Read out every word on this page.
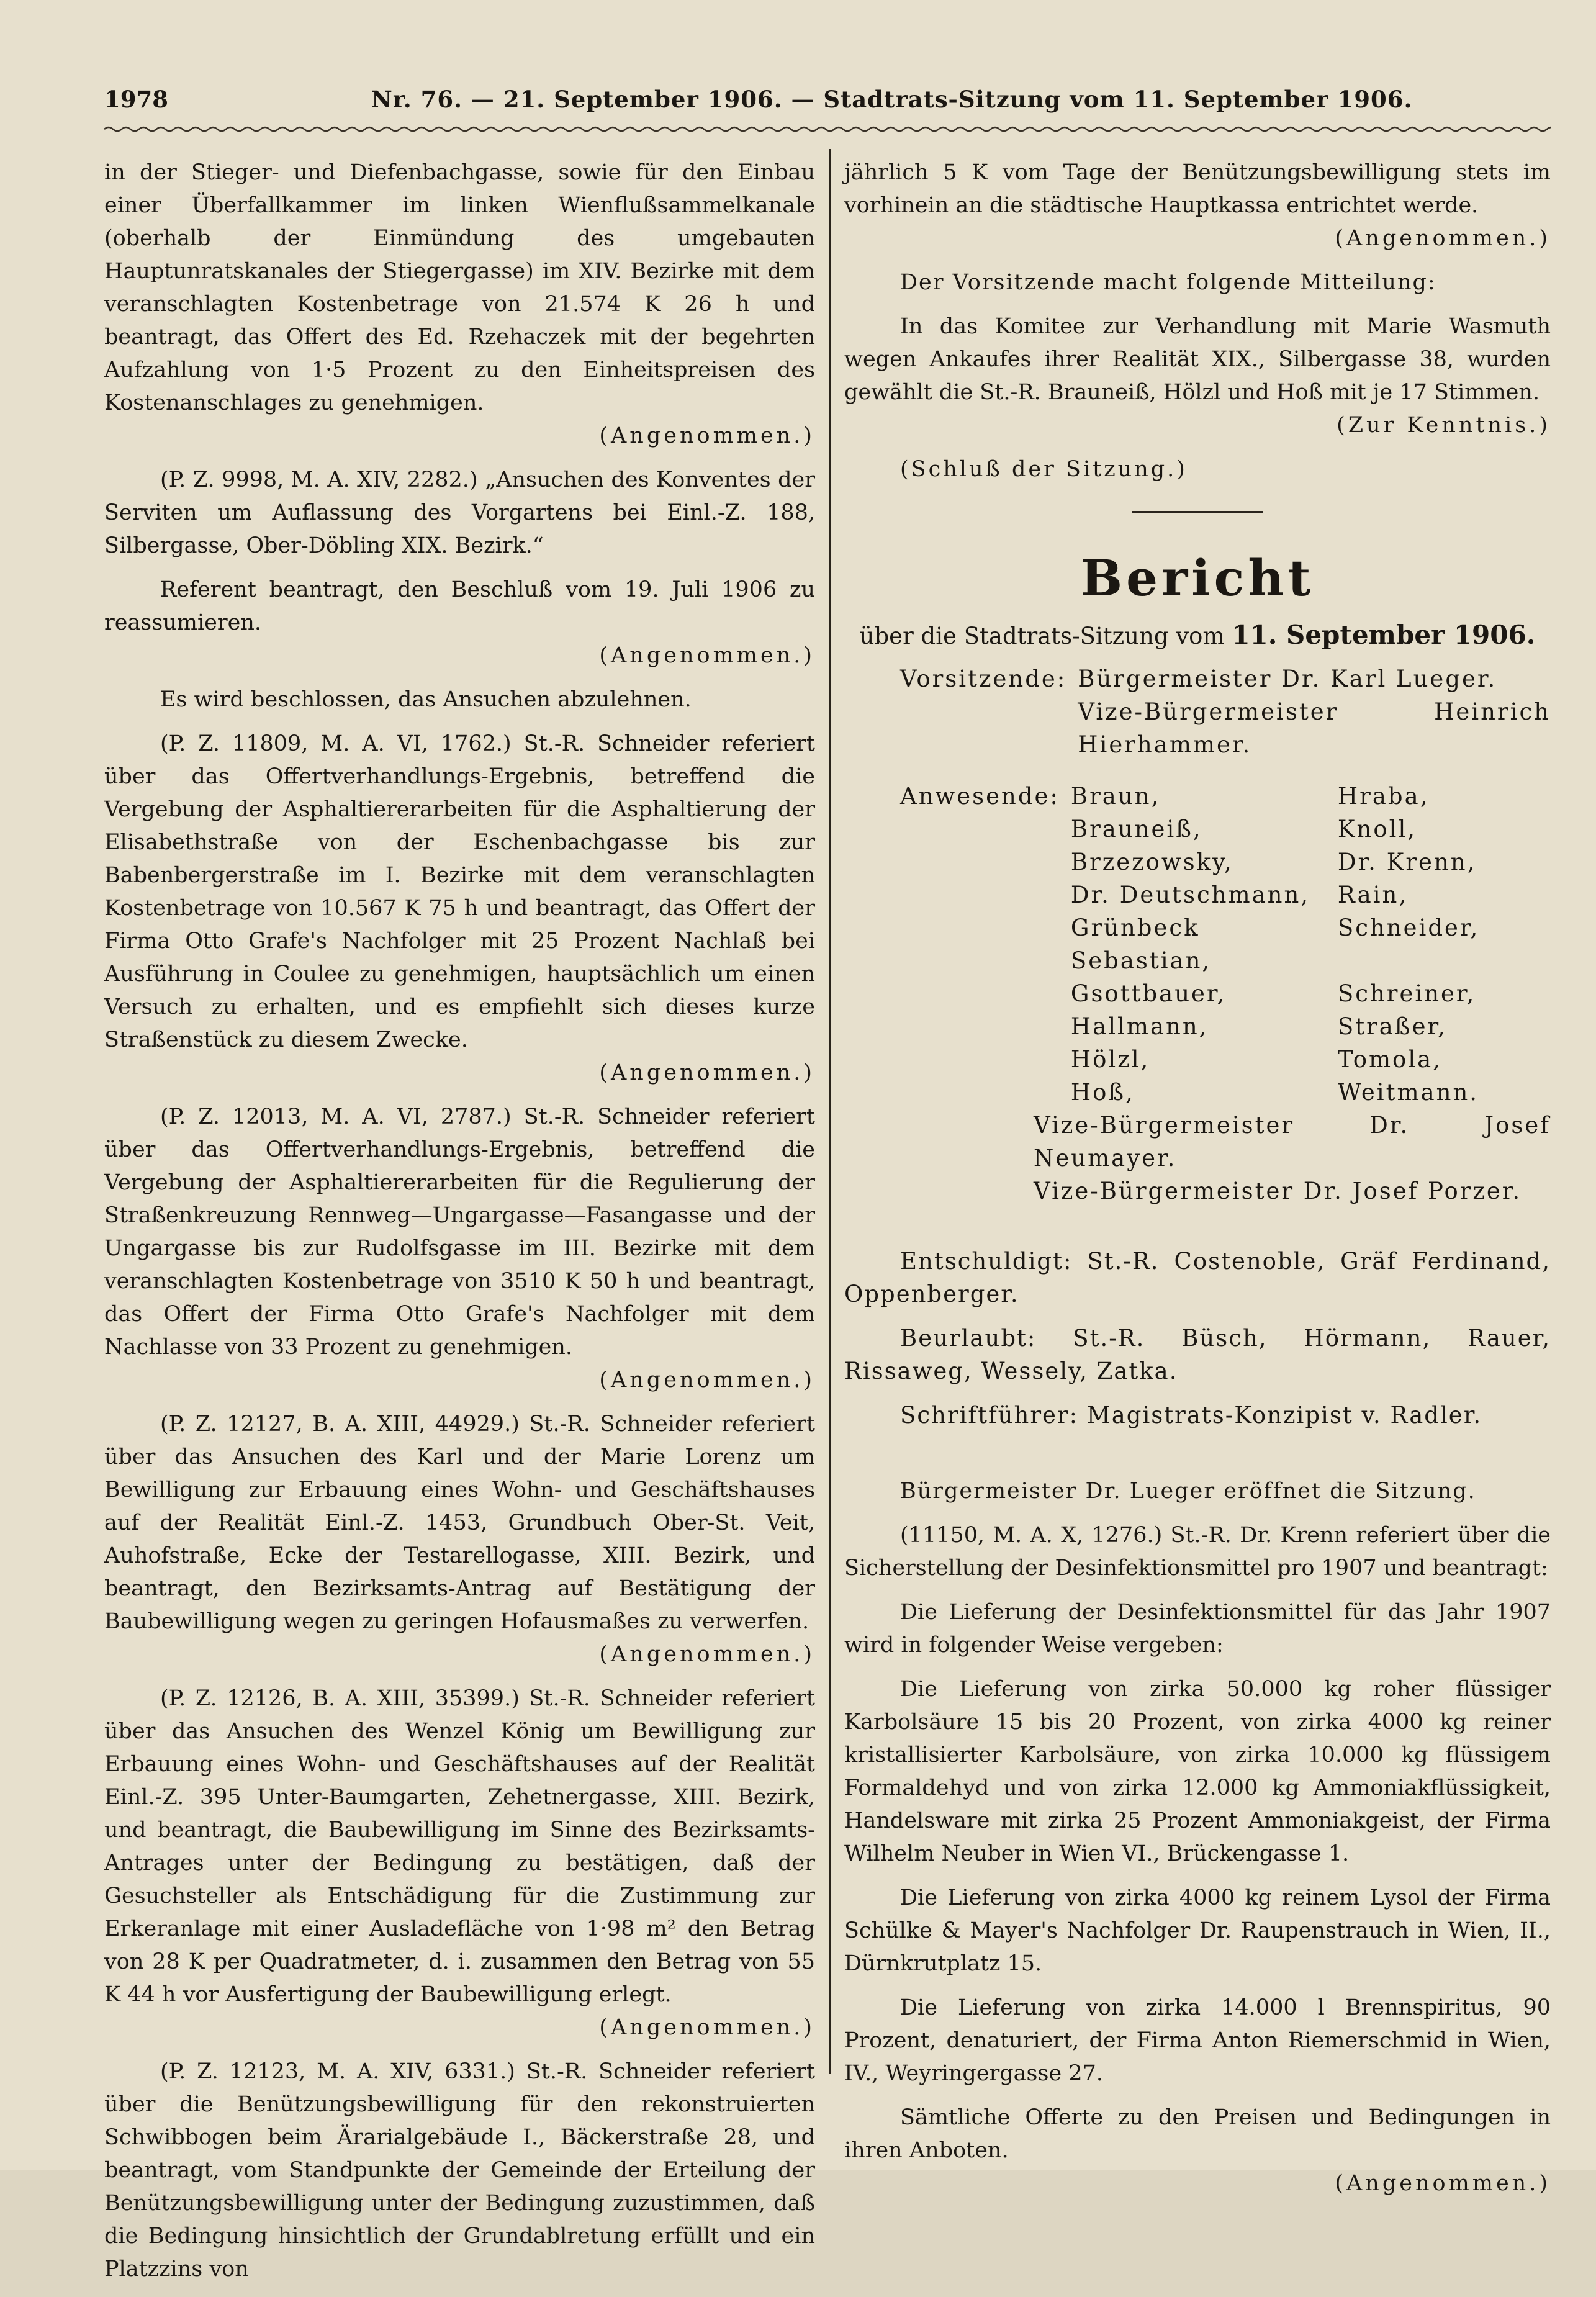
1978	Nr. 76. — 21. September 1906. — Stadtrats-Sitzung vom 11. September 1906.

in der Stieger- und Diefenbachgasse, sowie für den Einbau einer Überfallkammer im linken Wienflußsammelkanale (oberhalb der Einmündung des umgebauten Hauptunratskanales der Stiegergasse) im XIV. Bezirke mit dem veranschlagten Kostenbetrage von 21.574 K 26 h und beantragt, das Offert des Ed. Rzehaczek mit der begehrten Aufzahlung von 1·5 Prozent zu den Einheitspreisen des Kostenanschlages zu genehmigen.
(Angenommen.)

(P. Z. 9998, M. A. XIV, 2282.) „Ansuchen des Konventes der Serviten um Auflassung des Vorgartens bei Einl.-Z. 188, Silbergasse, Ober-Döbling XIX. Bezirk.“

Referent beantragt, den Beschluß vom 19. Juli 1906 zu reassumieren.
(Angenommen.)

Es wird beschlossen, das Ansuchen abzulehnen.

(P. Z. 11809, M. A. VI, 1762.) St.-R. Schneider referiert über das Offertverhandlungs-Ergebnis, betreffend die Vergebung der Asphaltiererarbeiten für die Asphaltierung der Elisabethstraße von der Eschenbachgasse bis zur Babenbergerstraße im I. Bezirke mit dem veranschlagten Kostenbetrage von 10.567 K 75 h und beantragt, das Offert der Firma Otto Grafe's Nachfolger mit 25 Prozent Nachlaß bei Ausführung in Coulee zu genehmigen, hauptsächlich um einen Versuch zu erhalten, und es empfiehlt sich dieses kurze Straßenstück zu diesem Zwecke.
(Angenommen.)

(P. Z. 12013, M. A. VI, 2787.) St.-R. Schneider referiert über das Offertverhandlungs-Ergebnis, betreffend die Vergebung der Asphaltiererarbeiten für die Regulierung der Straßenkreuzung Rennweg—Ungargasse—Fasangasse und der Ungargasse bis zur Rudolfsgasse im III. Bezirke mit dem veranschlagten Kostenbetrage von 3510 K 50 h und beantragt, das Offert der Firma Otto Grafe's Nachfolger mit dem Nachlasse von 33 Prozent zu genehmigen.
(Angenommen.)

(P. Z. 12127, B. A. XIII, 44929.) St.-R. Schneider referiert über das Ansuchen des Karl und der Marie Lorenz um Bewilligung zur Erbauung eines Wohn- und Geschäftshauses auf der Realität Einl.-Z. 1453, Grundbuch Ober-St. Veit, Auhofstraße, Ecke der Testarellogasse, XIII. Bezirk, und beantragt, den Bezirksamts-Antrag auf Bestätigung der Baubewilligung wegen zu geringen Hofausmaßes zu verwerfen.
(Angenommen.)

(P. Z. 12126, B. A. XIII, 35399.) St.-R. Schneider referiert über das Ansuchen des Wenzel König um Bewilligung zur Erbauung eines Wohn- und Geschäftshauses auf der Realität Einl.-Z. 395 Unter-Baumgarten, Zehetnergasse, XIII. Bezirk, und beantragt, die Baubewilligung im Sinne des Bezirksamts-Antrages unter der Bedingung zu bestätigen, daß der Gesuchsteller als Entschädigung für die Zustimmung zur Erkeranlage mit einer Ausladefläche von 1·98 m² den Betrag von 28 K per Quadratmeter, d. i. zusammen den Betrag von 55 K 44 h vor Ausfertigung der Baubewilligung erlegt.
(Angenommen.)

(P. Z. 12123, M. A. XIV, 6331.) St.-R. Schneider referiert über die Benützungsbewilligung für den rekonstruierten Schwibbogen beim Ärarialgebäude I., Bäckerstraße 28, und beantragt, vom Standpunkte der Gemeinde der Erteilung der Benützungsbewilligung unter der Bedingung zuzustimmen, daß die Bedingung hinsichtlich der Grundablretung erfüllt und ein Platzzins von

jährlich 5 K vom Tage der Benützungsbewilligung stets im vorhinein an die städtische Hauptkassa entrichtet werde.
(Angenommen.)

Der Vorsitzende macht folgende Mitteilung:

In das Komitee zur Verhandlung mit Marie Wasmuth wegen Ankaufes ihrer Realität XIX., Silbergasse 38, wurden gewählt die St.-R. Brauneiß, Hölzl und Hoß mit je 17 Stimmen.
(Zur Kenntnis.)

(Schluß der Sitzung.)

Bericht
über die Stadtrats-Sitzung vom 11. September 1906.
Vorsitzende:	Bürgermeister Dr. Karl Lueger.
	Vize-Bürgermeister Heinrich Hierhammer.
Anwesende:	Braun,	Hraba,
	Brauneiß,	Knoll,
	Brzezowsky,	Dr. Krenn,
	Dr. Deutschmann,	Rain,
	Grünbeck Sebastian,	Schneider,
	Gsottbauer,	Schreiner,
	Hallmann,	Straßer,
	Hölzl,	Tomola,
	Hoß,	Weitmann.
Vize-Bürgermeister Dr. Josef Neumayer.
Vize-Bürgermeister Dr. Josef Porzer.

Entschuldigt: St.-R. Costenoble, Gräf Ferdinand, Oppenberger.

Beurlaubt: St.-R. Büsch, Hörmann, Rauer, Rissaweg, Wessely, Zatka.

Schriftführer: Magistrats-Konzipist v. Radler.

Bürgermeister Dr. Lueger eröffnet die Sitzung.

(11150, M. A. X, 1276.) St.-R. Dr. Krenn referiert über die Sicherstellung der Desinfektionsmittel pro 1907 und beantragt:

Die Lieferung der Desinfektionsmittel für das Jahr 1907 wird in folgender Weise vergeben:

Die Lieferung von zirka 50.000 kg roher flüssiger Karbolsäure 15 bis 20 Prozent, von zirka 4000 kg reiner kristallisierter Karbolsäure, von zirka 10.000 kg flüssigem Formaldehyd und von zirka 12.000 kg Ammoniakflüssigkeit, Handelsware mit zirka 25 Prozent Ammoniakgeist, der Firma Wilhelm Neuber in Wien VI., Brückengasse 1.

Die Lieferung von zirka 4000 kg reinem Lysol der Firma Schülke & Mayer's Nachfolger Dr. Raupenstrauch in Wien, II., Dürnkrutplatz 15.

Die Lieferung von zirka 14.000 l Brennspiritus, 90 Prozent, denaturiert, der Firma Anton Riemerschmid in Wien, IV., Weyringergasse 27.

Sämtliche Offerte zu den Preisen und Bedingungen in ihren Anboten.
(Angenommen.)
